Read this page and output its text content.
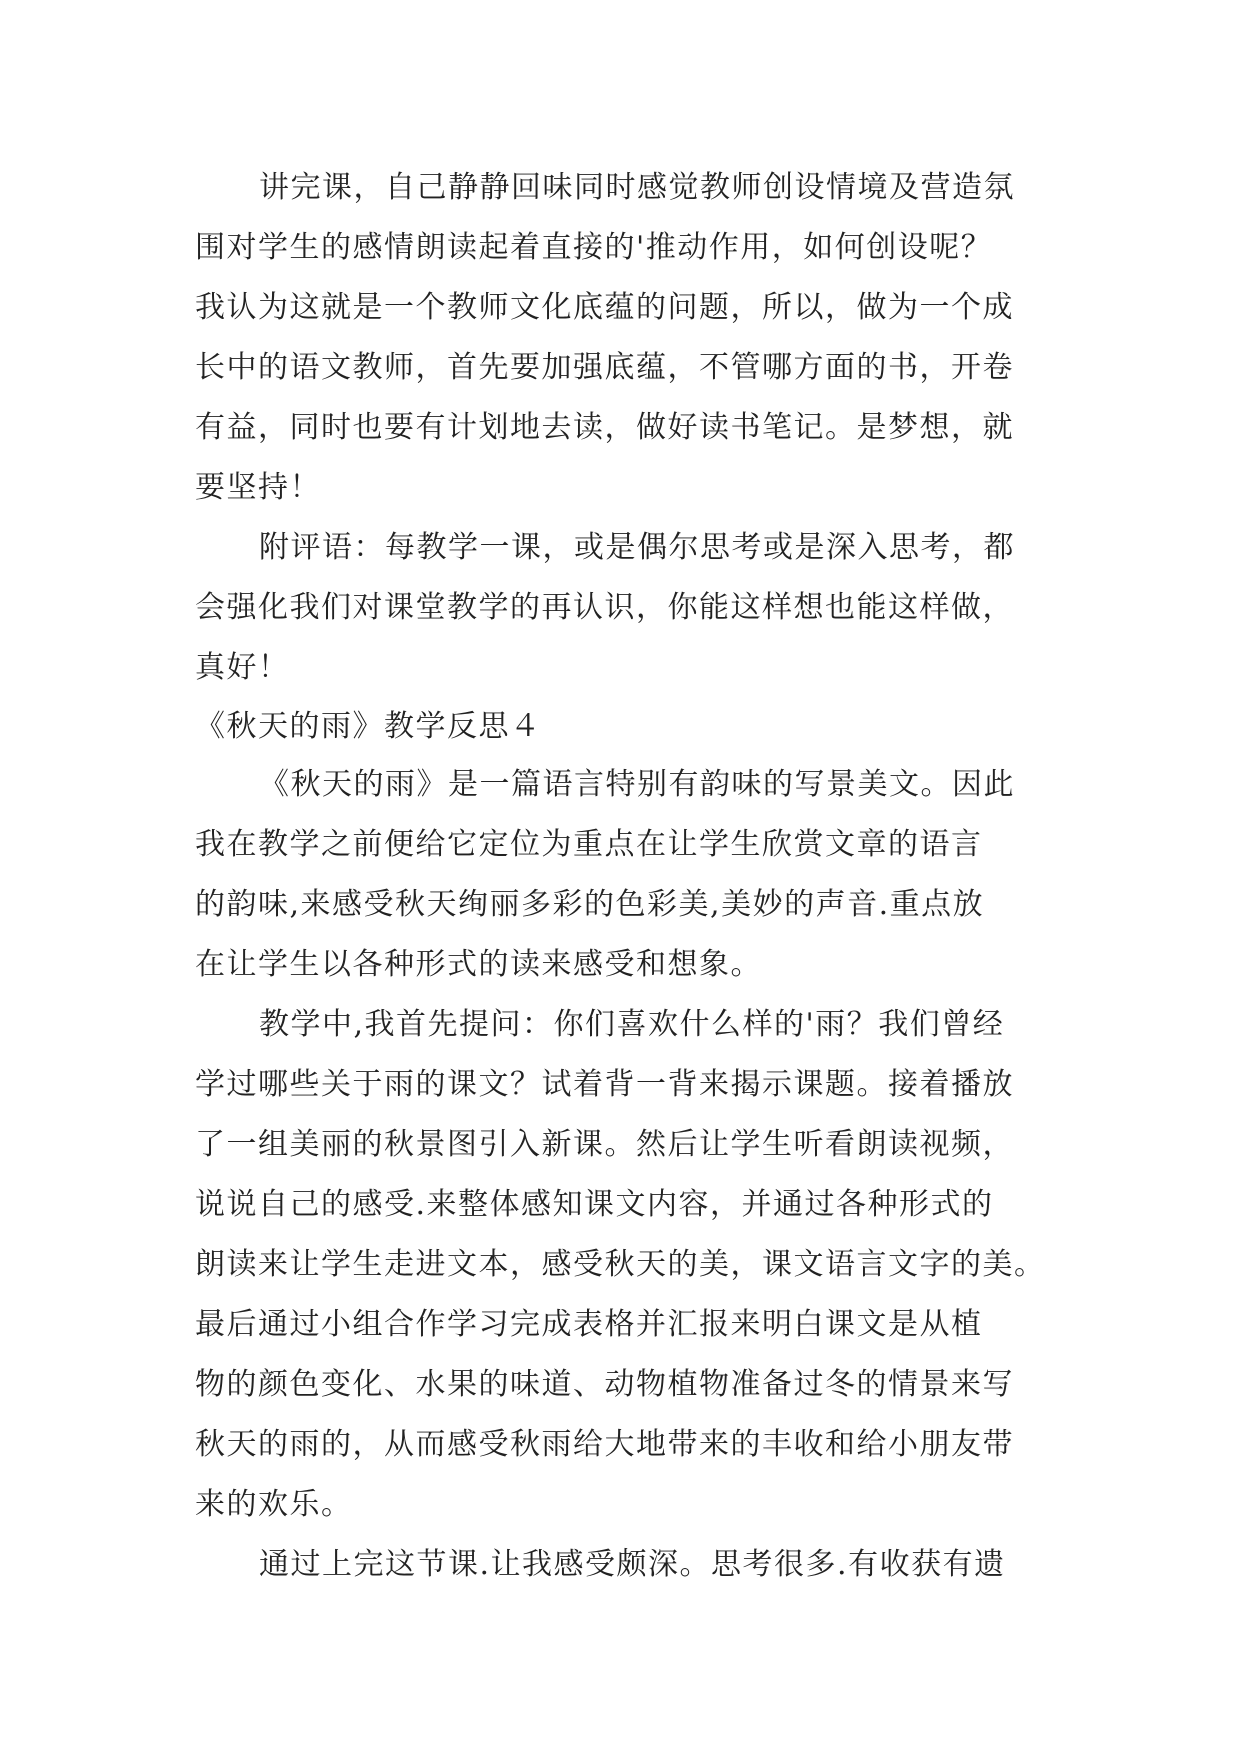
讲完课，自己静静回味同时感觉教师创设情境及营造氛
围对学生的感情朗读起着直接的'推动作用，如何创设呢？
我认为这就是一个教师文化底蕴的问题，所以，做为一个成
长中的语文教师，首先要加强底蕴，不管哪方面的书，开卷
有益，同时也要有计划地去读，做好读书笔记。是梦想，就
要坚持！
附评语：每教学一课，或是偶尔思考或是深入思考，都
会强化我们对课堂教学的再认识，你能这样想也能这样做，
真好！
《秋天的雨》教学反思４
《秋天的雨》是一篇语言特别有韵味的写景美文。因此
我在教学之前便给它定位为重点在让学生欣赏文章的语言
的韵味,来感受秋天绚丽多彩的色彩美,美妙的声音.重点放
在让学生以各种形式的读来感受和想象。
教学中,我首先提问：你们喜欢什么样的'雨？我们曾经
学过哪些关于雨的课文？试着背一背来揭示课题。接着播放
了一组美丽的秋景图引入新课。然后让学生听看朗读视频，
说说自己的感受.来整体感知课文内容，并通过各种形式的
朗读来让学生走进文本，感受秋天的美，课文语言文字的美。
最后通过小组合作学习完成表格并汇报来明白课文是从植
物的颜色变化、水果的味道、动物植物准备过冬的情景来写
秋天的雨的，从而感受秋雨给大地带来的丰收和给小朋友带
来的欢乐。
通过上完这节课.让我感受颇深。思考很多.有收获有遗
